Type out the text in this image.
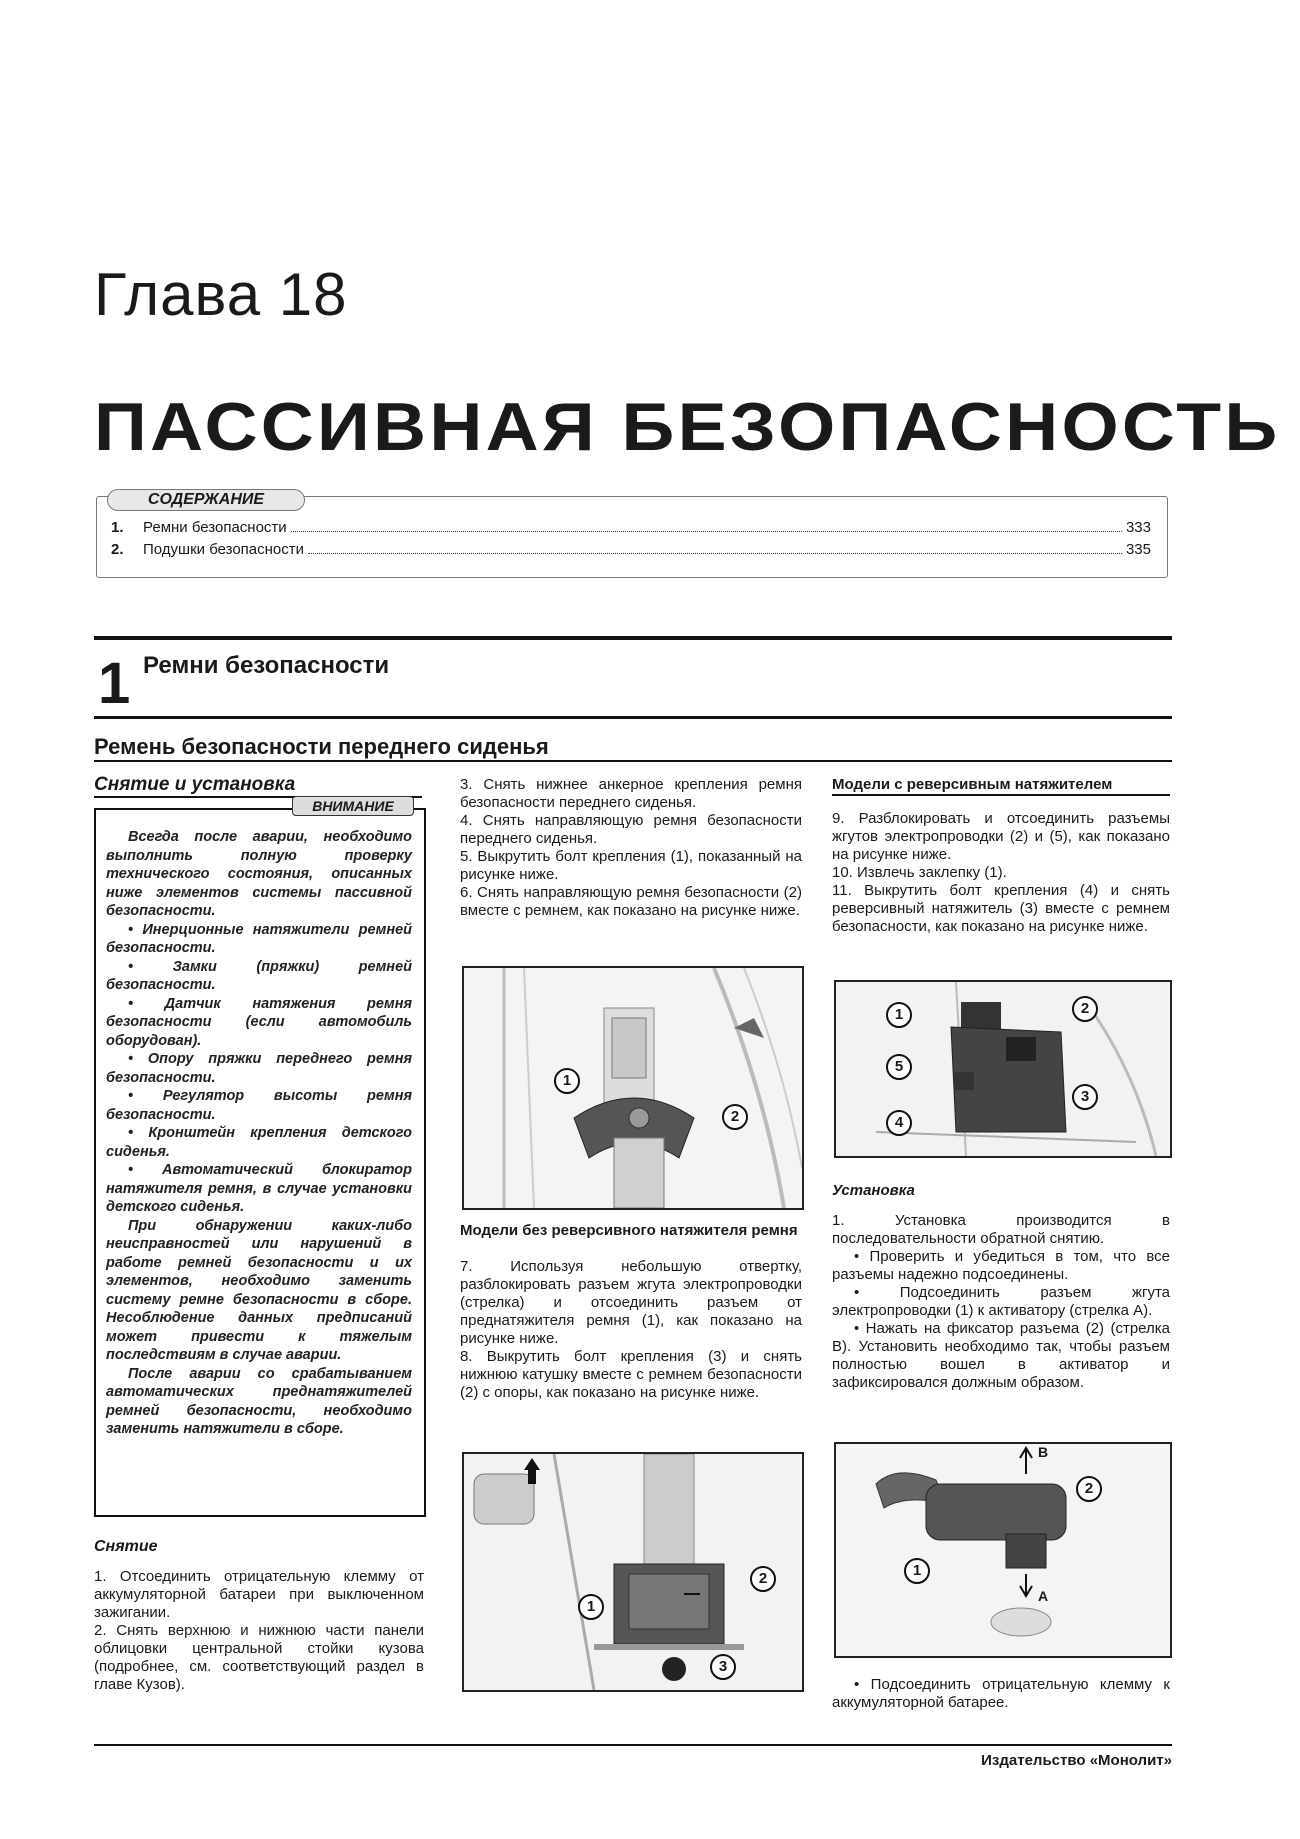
Глава 18
ПАССИВНАЯ БЕЗОПАСНОСТЬ
СОДЕРЖАНИЕ
1.	Ремни безопасности	333
2.	Подушки безопасности	335
1 Ремни безопасности
Ремень безопасности переднего сиденья
Снятие и установка
ВНИМАНИЕ

Всегда после аварии, необходимо выполнить полную проверку технического состояния, описанных ниже элементов системы пассивной безопасности.

• Инерционные натяжители ремней безопасности.

• Замки (пряжки) ремней безопасности.

• Датчик натяжения ремня безопасности (если автомобиль оборудован).

• Опору пряжки переднего ремня безопасности.

• Регулятор высоты ремня безопасности.

• Кронштейн крепления детского сиденья.

• Автоматический блокиратор натяжителя ремня, в случае установки детского сиденья.

При обнаружении каких-либо неисправностей или нарушений в работе ремней безопасности и их элементов, необходимо заменить систему ремне безопасности в сборе. Несоблюдение данных предписаний может привести к тяжелым последствиям в случае аварии.

После аварии со срабатыванием автоматических преднатяжителей ремней безопасности, необходимо заменить натяжители в сборе.

Снятие

1. Отсоединить отрицательную клемму от аккумуляторной батареи при выключенном зажигании.

2. Снять верхнюю и нижнюю части панели облицовки центральной стойки кузова (подробнее, см. соответствующий раздел в главе Кузов).

3. Снять нижнее анкерное крепления ремня безопасности переднего сиденья.

4. Снять направляющую ремня безопасности переднего сиденья.

5. Выкрутить болт крепления (1), показанный на рисунке ниже.

6. Снять направляющую ремня безопасности (2) вместе с ремнем, как показано на рисунке ниже.

1
2
Модели без реверсивного натяжителя ремня

7. Используя небольшую отвертку, разблокировать разъем жгута электропроводки (стрелка) и отсоединить разъем от преднатяжителя ремня (1), как показано на рисунке ниже.

8. Выкрутить болт крепления (3) и снять нижнюю катушку вместе с ремнем безопасности (2) с опоры, как показано на рисунке ниже.

1
2
3
Модели с реверсивным натяжителем

9. Разблокировать и отсоединить разъемы жгутов электропроводки (2) и (5), как показано на рисунке ниже.

10. Извлечь заклепку (1).

11. Выкрутить болт крепления (4) и снять реверсивный натяжитель (3) вместе с ремнем безопасности, как показано на рисунке ниже.

1	2
3
4
5
Установка

1. Установка производится в последовательности обратной снятию.

• Проверить и убедиться в том, что все разъемы надежно подсоединены.

• Подсоединить разъем жгута электропроводки (1) к активатору (стрелка А).

• Нажать на фиксатор разъема (2) (стрелка В). Установить необходимо так, чтобы разъем полностью вошел в активатор и зафиксировался должным образом.

1
2
A
B
• Подсоединить отрицательную клемму к аккумуляторной батарее.
Издательство «Монолит»
